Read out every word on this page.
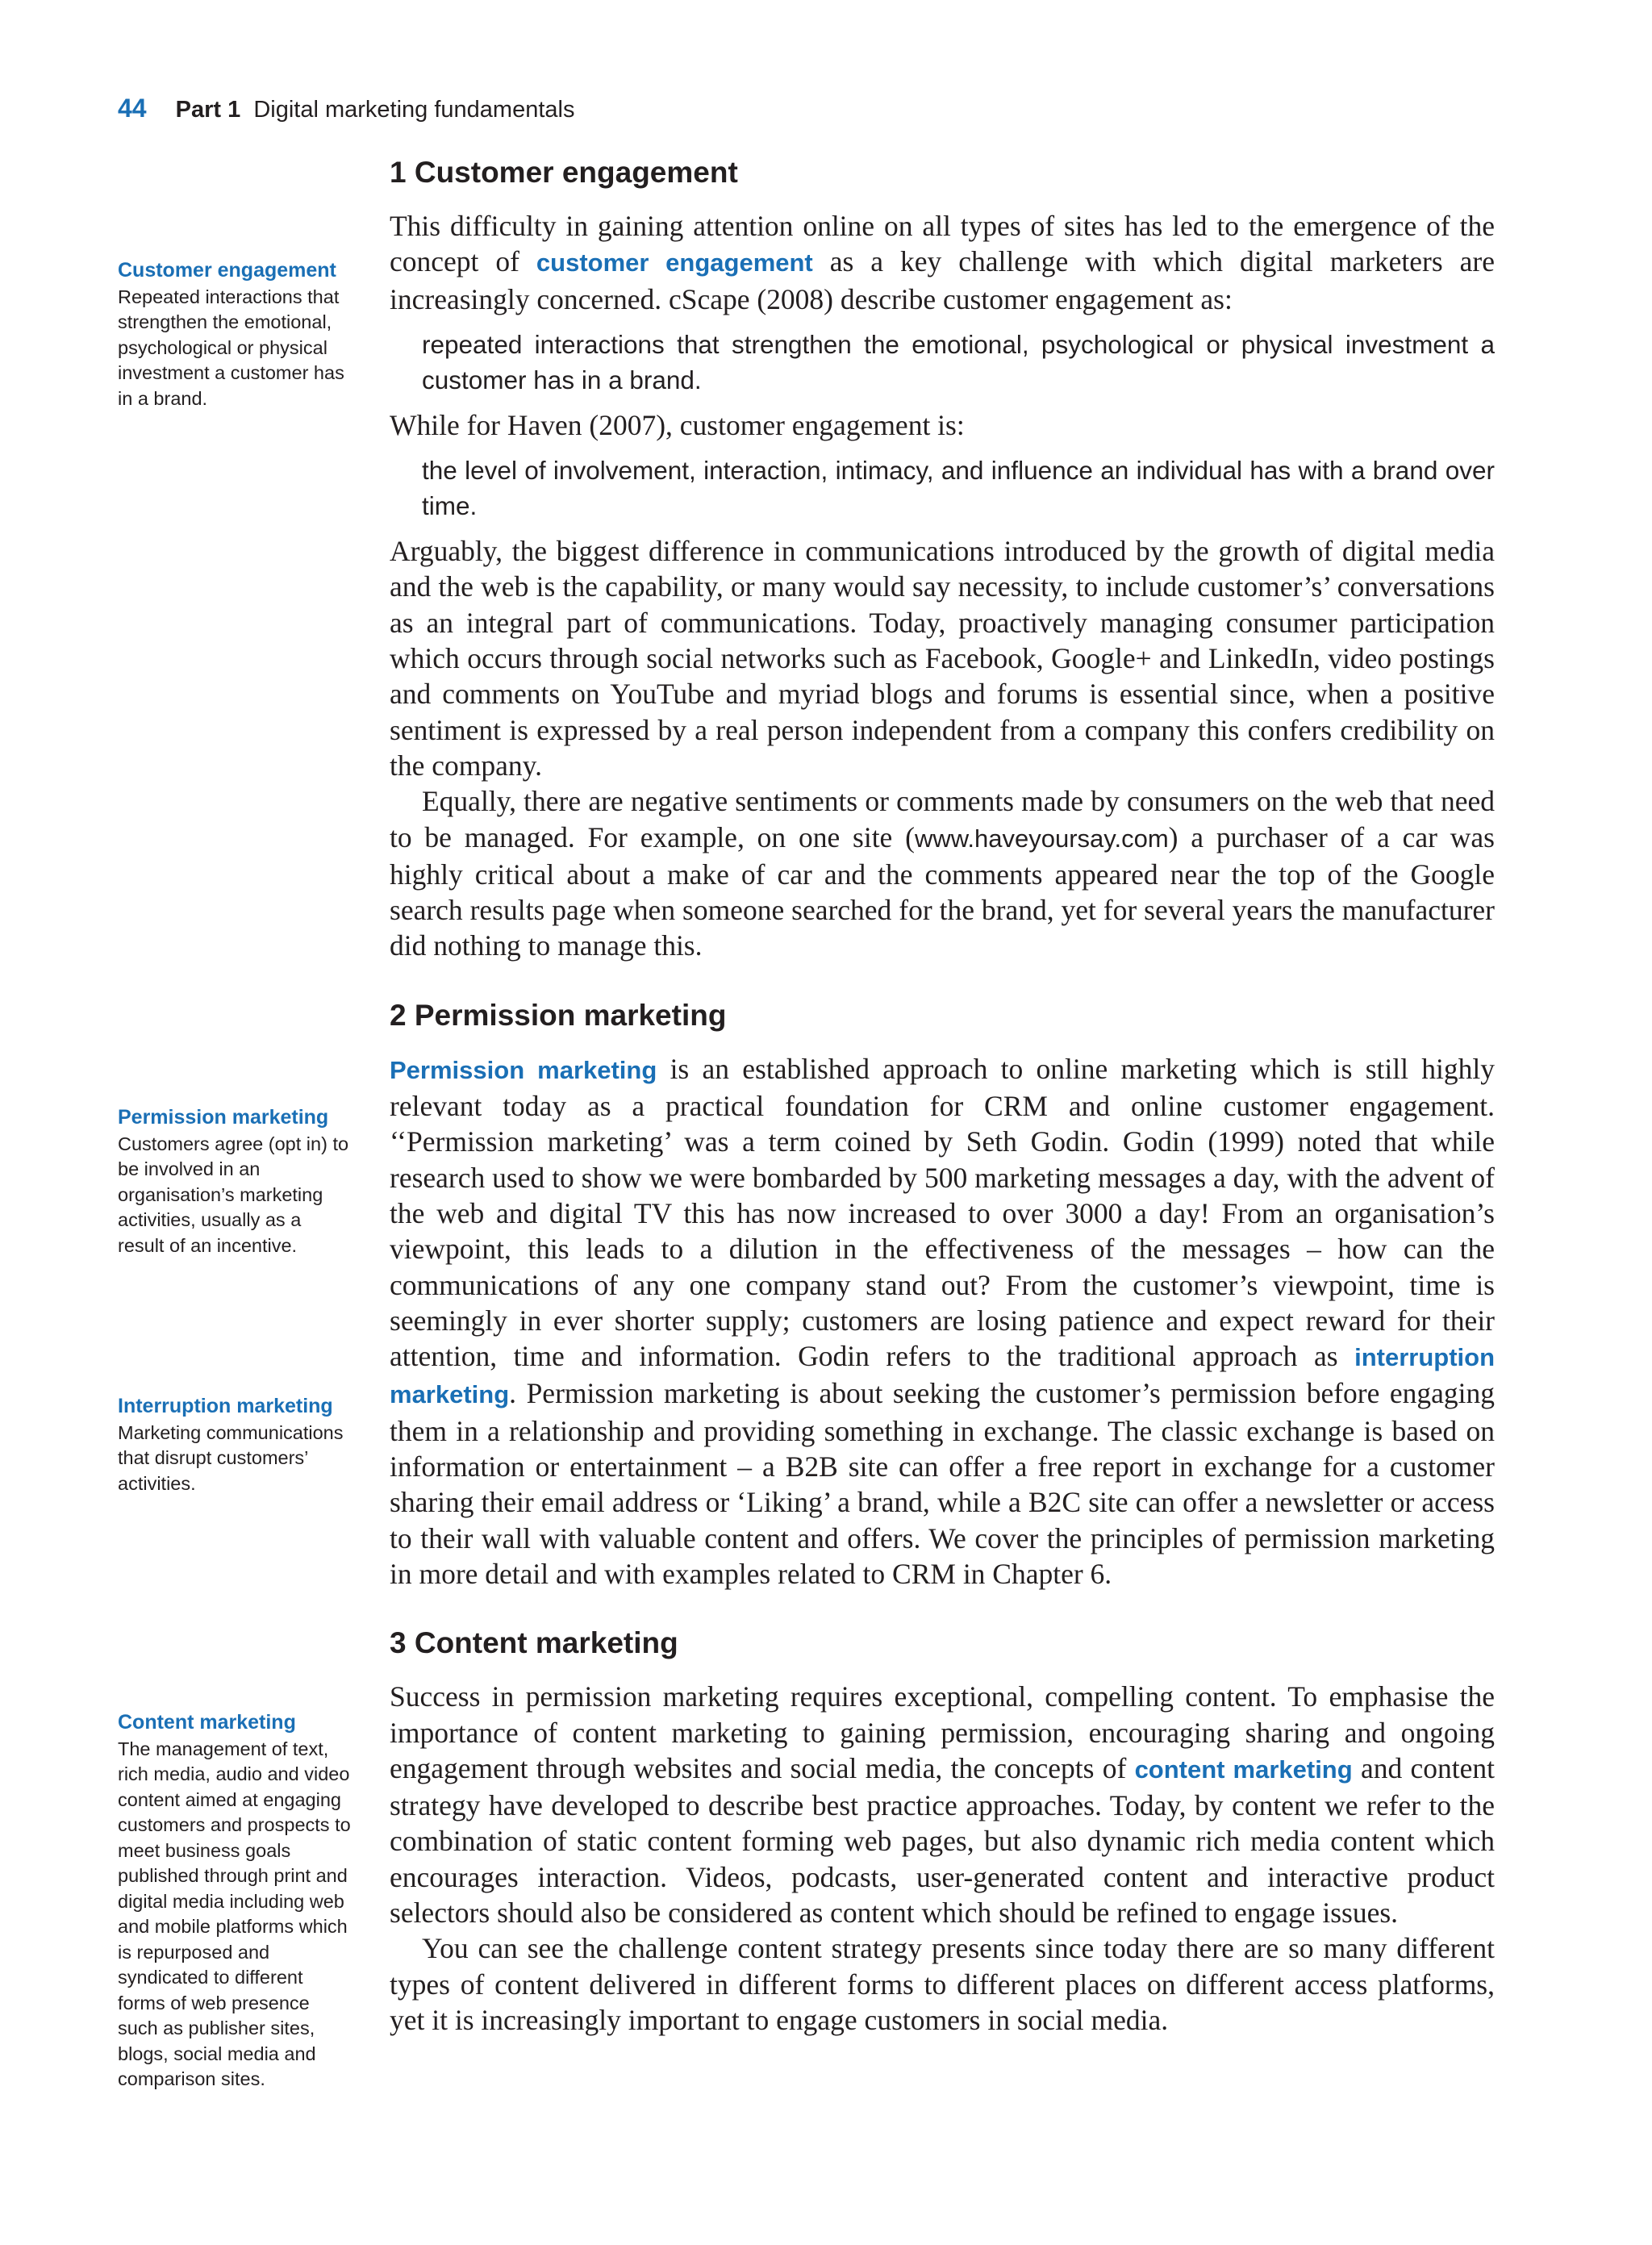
44 Part 1 Digital marketing fundamentals
Customer engagement
Repeated interactions that strengthen the emotional, psychological or physical investment a customer has in a brand.
Permission marketing
Customers agree (opt in) to be involved in an organisation’s marketing activities, usually as a result of an incentive.
Interruption marketing
Marketing communications that disrupt customers’ activities.
Content marketing
The management of text, rich media, audio and video content aimed at engaging customers and prospects to meet business goals published through print and digital media including web and mobile platforms which is repurposed and syndicated to different forms of web presence such as publisher sites, blogs, social media and comparison sites.
1 Customer engagement

This difficulty in gaining attention online on all types of sites has led to the emergence of the concept of customer engagement as a key challenge with which digital marketers are increasingly concerned. cScape (2008) describe customer engagement as:

repeated interactions that strengthen the emotional, psychological or physical investment a customer has in a brand.

While for Haven (2007), customer engagement is:

the level of involvement, interaction, intimacy, and influence an individual has with a brand over time.

Arguably, the biggest difference in communications introduced by the growth of digital media and the web is the capability, or many would say necessity, to include customer’s’ conversations as an integral part of communications. Today, proactively managing consumer participation which occurs through social networks such as Facebook, Google+ and LinkedIn, video postings and comments on YouTube and myriad blogs and forums is essential since, when a positive sentiment is expressed by a real person independent from a company this confers credibility on the company.

Equally, there are negative sentiments or comments made by consumers on the web that need to be managed. For example, on one site (www.haveyoursay.com) a purchaser of a car was highly critical about a make of car and the comments appeared near the top of the Google search results page when someone searched for the brand, yet for several years the manufacturer did nothing to manage this.

2 Permission marketing

Permission marketing is an established approach to online marketing which is still highly relevant today as a practical foundation for CRM and online customer engagement. ‘‘Permission marketing’ was a term coined by Seth Godin. Godin (1999) noted that while research used to show we were bombarded by 500 marketing messages a day, with the advent of the web and digital TV this has now increased to over 3000 a day! From an organisation’s viewpoint, this leads to a dilution in the effectiveness of the messages – how can the communications of any one company stand out? From the customer’s viewpoint, time is seemingly in ever shorter supply; customers are losing patience and expect reward for their attention, time and information. Godin refers to the traditional approach as interruption marketing. Permission marketing is about seeking the customer’s permission before engaging them in a relationship and providing something in exchange. The classic exchange is based on information or entertainment – a B2B site can offer a free report in exchange for a customer sharing their email address or ‘Liking’ a brand, while a B2C site can offer a newsletter or access to their wall with valuable content and offers. We cover the principles of permission marketing in more detail and with examples related to CRM in Chapter 6.

3 Content marketing

Success in permission marketing requires exceptional, compelling content. To emphasise the importance of content marketing to gaining permission, encouraging sharing and ongoing engagement through websites and social media, the concepts of content marketing and content strategy have developed to describe best practice approaches. Today, by content we refer to the combination of static content forming web pages, but also dynamic rich media content which encourages interaction. Videos, podcasts, user-generated content and interactive product selectors should also be considered as content which should be refined to engage issues.

You can see the challenge content strategy presents since today there are so many different types of content delivered in different forms to different places on different access platforms, yet it is increasingly important to engage customers in social media.
